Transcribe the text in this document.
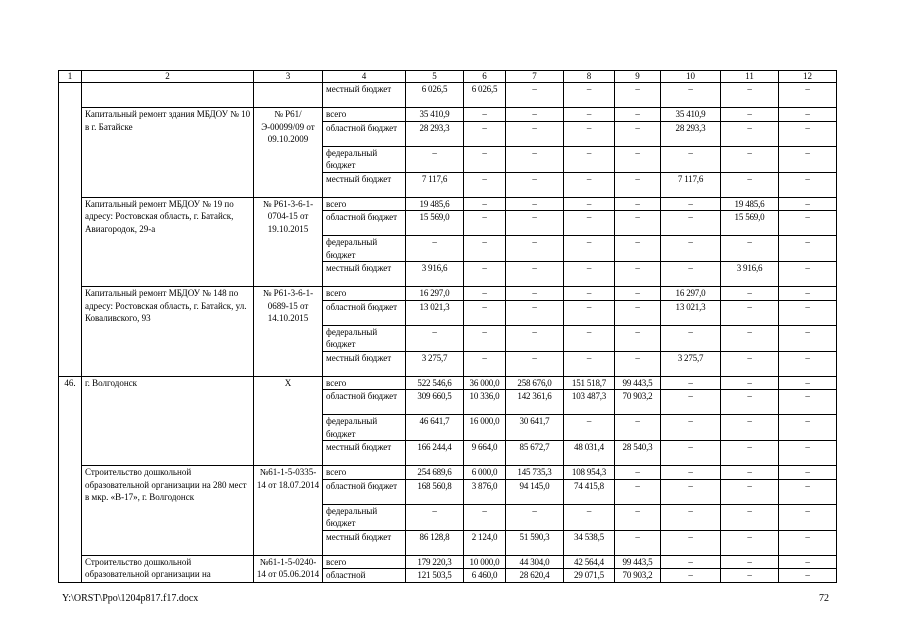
1	2	3	4	5	6	7	8	9	10	11	12
			местный бюджет	6 026,5	6 026,5	–	–	–	–	–	–
	Капитальный ремонт здания МБДОУ № 10 в г. Батайске	№ Р61/Э-00099/09 от 09.10.2009	всего	35 410,9	–	–	–	–	35 410,9	–	–
			областной бюджет	28 293,3	–	–	–	–	28 293,3	–	–
			федеральный бюджет	–	–	–	–	–	–	–	–
			местный бюджет	7 117,6	–	–	–	–	7 117,6	–	–
	Капитальный ремонт МБДОУ № 19 по адресу: Ростовская область, г. Батайск, Авиагородок, 29-а	№ Р61-3-6-1-0704-15 от 19.10.2015	всего	19 485,6	–	–	–	–	–	19 485,6	–
			областной бюджет	15 569,0	–	–	–	–	–	15 569,0	–
			федеральный бюджет	–	–	–	–	–	–	–	–
			местный бюджет	3 916,6	–	–	–	–	–	3 916,6	–
	Капитальный ремонт МБДОУ № 148 по адресу: Ростовская область, г. Батайск, ул. Коваливского, 93	№ Р61-3-6-1-0689-15 от 14.10.2015	всего	16 297,0	–	–	–	–	16 297,0	–	–
			областной бюджет	13 021,3	–	–	–	–	13 021,3	–	–
			федеральный бюджет	–	–	–	–	–	–	–	–
			местный бюджет	3 275,7	–	–	–	–	3 275,7	–	–
46.	г. Волгодонск	X	всего	522 546,6	36 000,0	258 676,0	151 518,7	99 443,5	–	–	–
			областной бюджет	309 660,5	10 336,0	142 361,6	103 487,3	70 903,2	–	–	–
			федеральный бюджет	46 641,7	16 000,0	30 641,7	–	–	–	–	–
			местный бюджет	166 244,4	9 664,0	85 672,7	48 031,4	28 540,3	–	–	–
	Строительство дошкольной образовательной организации на 280 мест в мкр. «В-17», г. Волгодонск	№61-1-5-0335-14 от 18.07.2014	всего	254 689,6	6 000,0	145 735,3	108 954,3	–	–	–	–
			областной бюджет	168 560,8	3 876,0	94 145,0	74 415,8	–	–	–	–
			федеральный бюджет	–	–	–	–	–	–	–	–
			местный бюджет	86 128,8	2 124,0	51 590,3	34 538,5	–	–	–	–
	Строительство дошкольной образовательной организации на	№61-1-5-0240-14 от 05.06.2014	всего	179 220,3	10 000,0	44 304,0	42 564,4	99 443,5	–	–	–
			областной	121 503,5	6 460,0	28 620,4	29 071,5	70 903,2	–	–	–
Y:\ORST\Ppo\1204p817.f17.docx	72
